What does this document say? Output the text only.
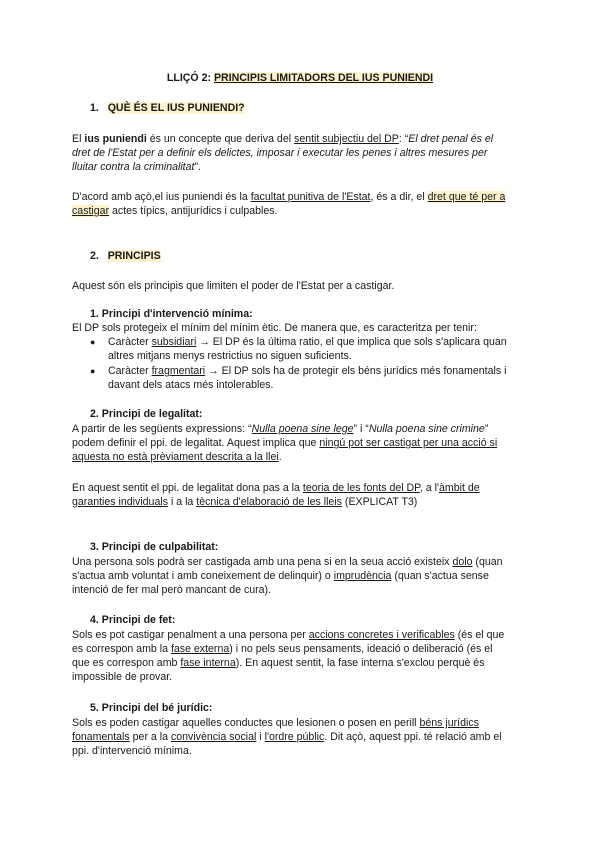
LLIÇÓ 2: PRINCIPIS LIMITADORS DEL IUS PUNIENDI
1. QUÈ ÉS EL IUS PUNIENDI?
El ius puniendi és un concepte que deriva del sentit subjectiu del DP: “El dret penal és el
dret de l'Estat per a definir els delictes, imposar i executar les penes i altres mesures per
lluitar contra la criminalitat”.
D'acord amb açò,el ius puniendi és la facultat punitiva de l'Estat, és a dir, el dret que té per a
castigar actes típics, antijurídics i culpables.
2. PRINCIPIS
Aquest són els principis que limiten el poder de l'Estat per a castigar.
1. Principi d'intervenció mínima:
El DP sols protegeix el mínim del mínim ètic. De manera que, es caracteritza per tenir:
● Caràcter subsidiari → El DP és la última ratio, el que implica que sols s'aplicara quan
altres mitjans menys restrictius no siguen suficients.
● Caràcter fragmentari → El DP sols ha de protegir els béns jurídics més fonamentals i
davant dels atacs més intolerables.
2. Principi de legalitat:
A partir de les següents expressions: “Nulla poena sine lege” i “Nulla poena sine crimine”
podem definir el ppi. de legalitat. Aquest implica que ningú pot ser castigat per una acció si
aquesta no està prèviament descrita a la llei.
En aquest sentit el ppi. de legalitat dona pas a la teoria de les fonts del DP, a l'àmbit de
garanties individuals i a la tècnica d'elaboració de les lleis (EXPLICAT T3)
3. Principi de culpabilitat:
Una persona sols podrà ser castigada amb una pena si en la seua acció existeix dolo (quan
s'actua amb voluntat i amb coneixement de delinquir) o imprudència (quan s'actua sense
intenció de fer mal però mancant de cura).
4. Principi de fet:
Sols es pot castigar penalment a una persona per accions concretes i verificables (és el que
es correspon amb la fase externa) i no pels seus pensaments, ideació o deliberació (és el
que es correspon amb fase interna). En aquest sentit, la fase interna s'exclou perquè és
impossible de provar.
5. Principi del bé jurídic:
Sols es poden castigar aquelles conductes que lesionen o posen en perill béns jurídics
fonamentals per a la convivència social i l'ordre públic. Dit açò, aquest ppi. té relació amb el
ppi. d'intervenció mínima.
